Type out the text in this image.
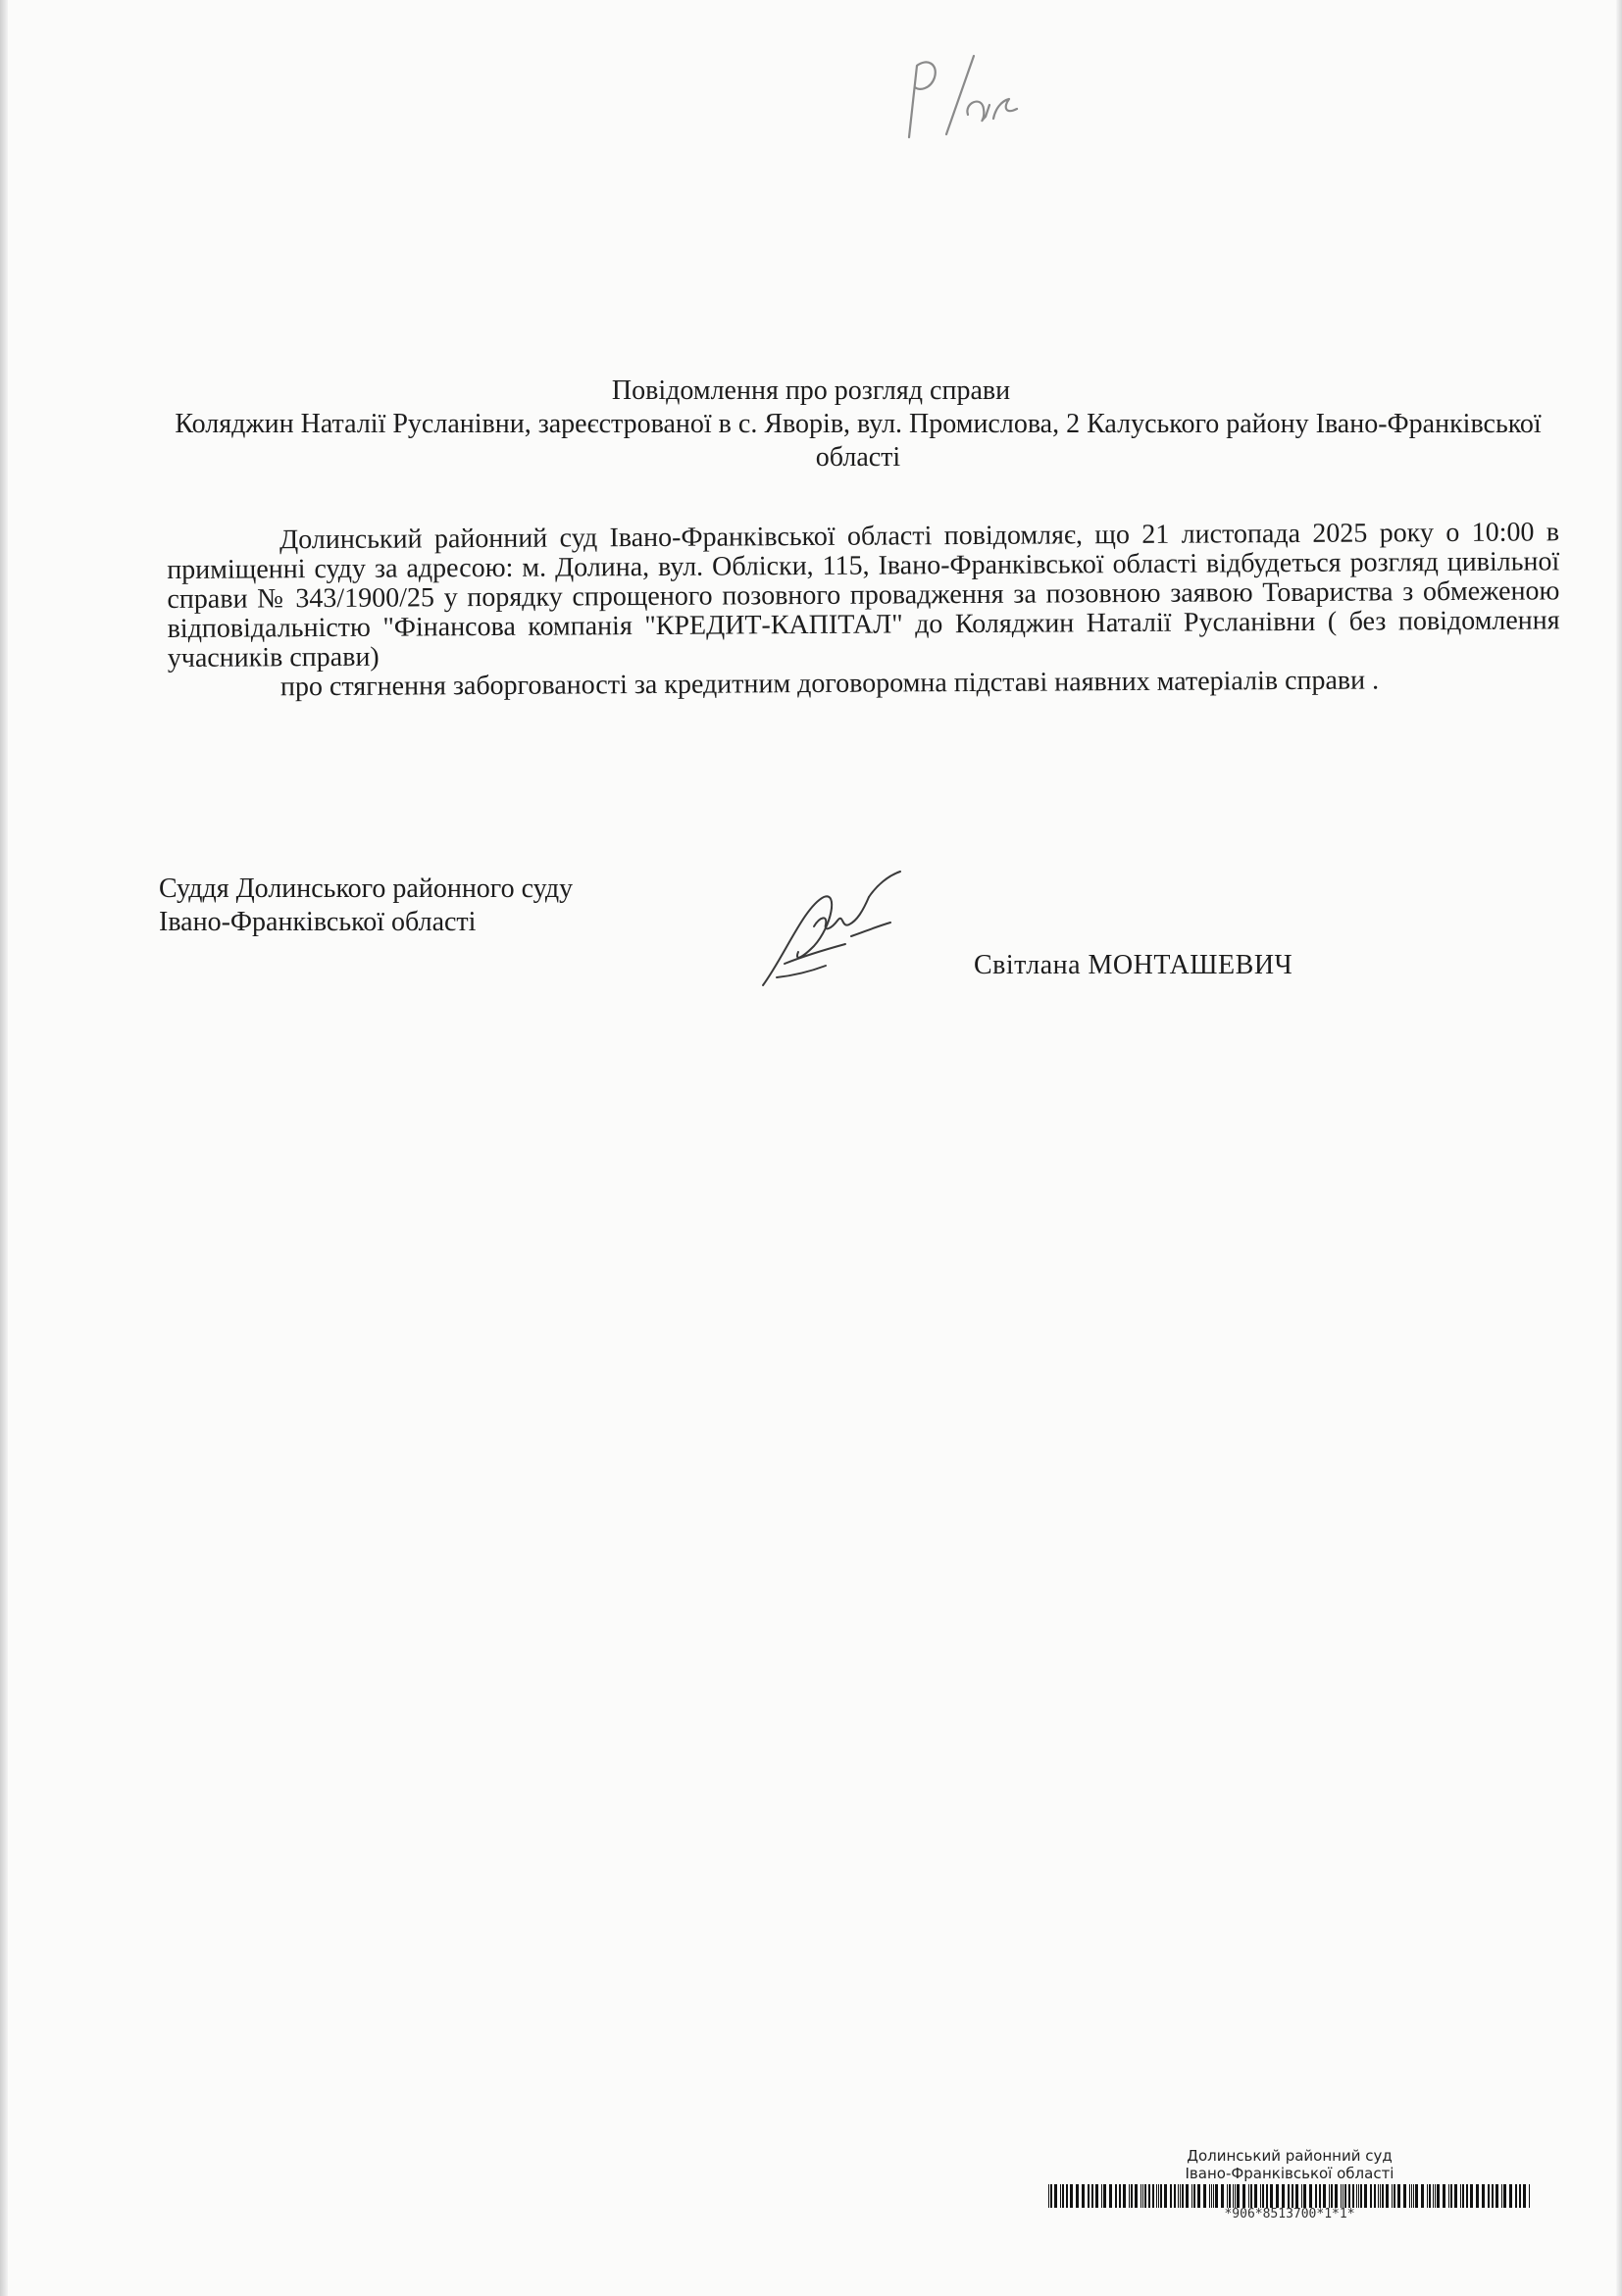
Повідомлення про розгляд справи
Коляджин Наталії Русланівни, зареєстрованої в с. Яворів, вул. Промислова, 2 Калуського району Івано-Франківської області
Долинський районний суд Івано-Франківської області повідомляє, що 21 листопада 2025 року о 10:00 в приміщенні суду за адресою: м. Долина, вул. Обліски, 115, Івано-Франківської області відбудеться розгляд цивільної справи № 343/1900/25 у порядку спрощеного позовного провадження за позовною заявою Товариства з обмеженою відповідальністю "Фінансова компанія "КРЕДИТ-КАПІТАЛ" до Коляджин Наталії Русланівни ( без повідомлення учасників справи)
про стягнення заборгованості за кредитним договоромна підставі наявних матеріалів справи .
Суддя Долинського районного суду
Івано-Франківської області
Світлана МОНТАШЕВИЧ
Долинський районний суд
Івано-Франківської області
*906*8513700*1*1*
